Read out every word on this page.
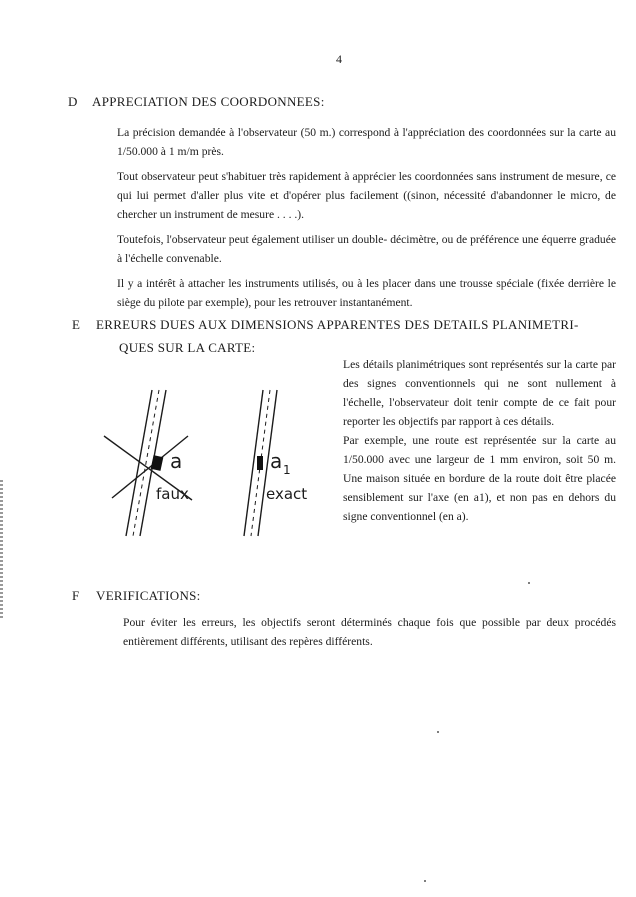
4
D APPRECIATION DES COORDONNEES:

La précision demandée à l'observateur (50 m.) correspond à l'appréciation des coordonnées sur la carte au 1/50.000 à 1 m/m près.

Tout observateur peut s'habituer très rapidement à apprécier les coordonnées sans instrument de mesure, ce qui lui permet d'aller plus vite et d'opérer plus facilement ((sinon, nécessité d'abandonner le micro, de chercher un instrument de mesure . . . .).

Toutefois, l'observateur peut également utiliser un double- décimètre, ou de préférence une équerre graduée à l'échelle convenable.

Il y a intérêt à attacher les instruments utilisés, ou à les placer dans une trousse spéciale (fixée derrière le siège du pilote par exemple), pour les retrouver instantanément.

E ERREURS DUES AUX DIMENSIONS APPARENTES DES DETAILS PLANIMETRI-
QUES SUR LA CARTE:

Les détails planimétriques sont représentés sur la carte par des signes conventionnels qui ne sont nullement à l'échelle, l'observateur doit tenir compte de ce fait pour reporter les objectifs par rapport à ces détails.

Par exemple, une route est représentée sur la carte au 1/50.000 avec une largeur de 1 mm environ, soit 50 m. Une maison située en bordure de la route doit être placée sensiblement sur l'axe (en a1), et non pas en dehors du signe conventionnel (en a).

a
faux
a 1
exact
F VERIFICATIONS:

Pour éviter les erreurs, les objectifs seront déterminés chaque fois que possible par deux procédés entièrement différents, utilisant des repères différents.
